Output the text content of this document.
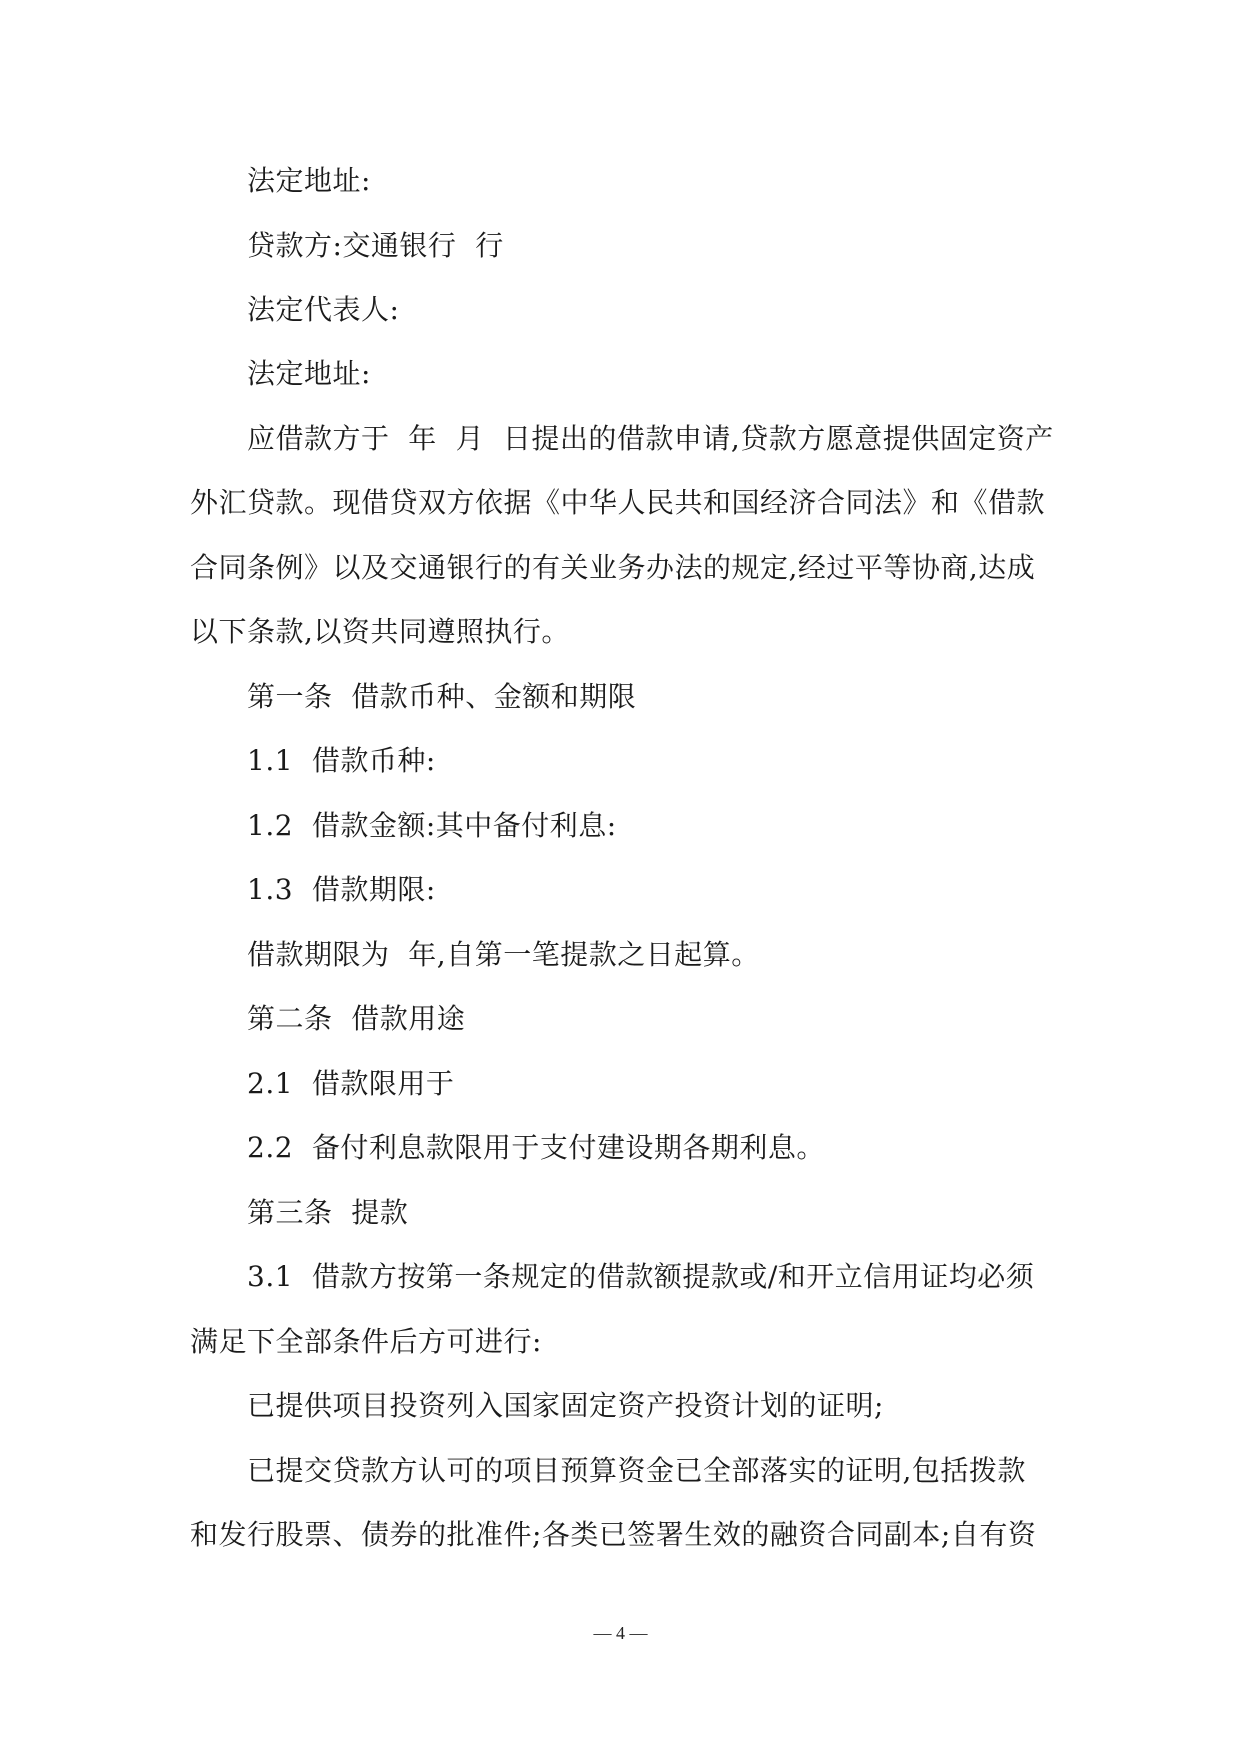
法定地址:
贷款方:交通银行  行
法定代表人:
法定地址:
应借款方于  年  月  日提出的借款申请,贷款方愿意提供固定资产
外汇贷款。现借贷双方依据《中华人民共和国经济合同法》和《借款
合同条例》以及交通银行的有关业务办法的规定,经过平等协商,达成
以下条款,以资共同遵照执行。
第一条  借款币种、金额和期限
1.1  借款币种:
1.2  借款金额:其中备付利息:
1.3  借款期限:
借款期限为  年,自第一笔提款之日起算。
第二条  借款用途
2.1  借款限用于
2.2  备付利息款限用于支付建设期各期利息。
第三条  提款
3.1  借款方按第一条规定的借款额提款或/和开立信用证均必须
满足下全部条件后方可进行:
已提供项目投资列入国家固定资产投资计划的证明;
已提交贷款方认可的项目预算资金已全部落实的证明,包括拨款
和发行股票、债券的批准件;各类已签署生效的融资合同副本;自有资
— 4 —
